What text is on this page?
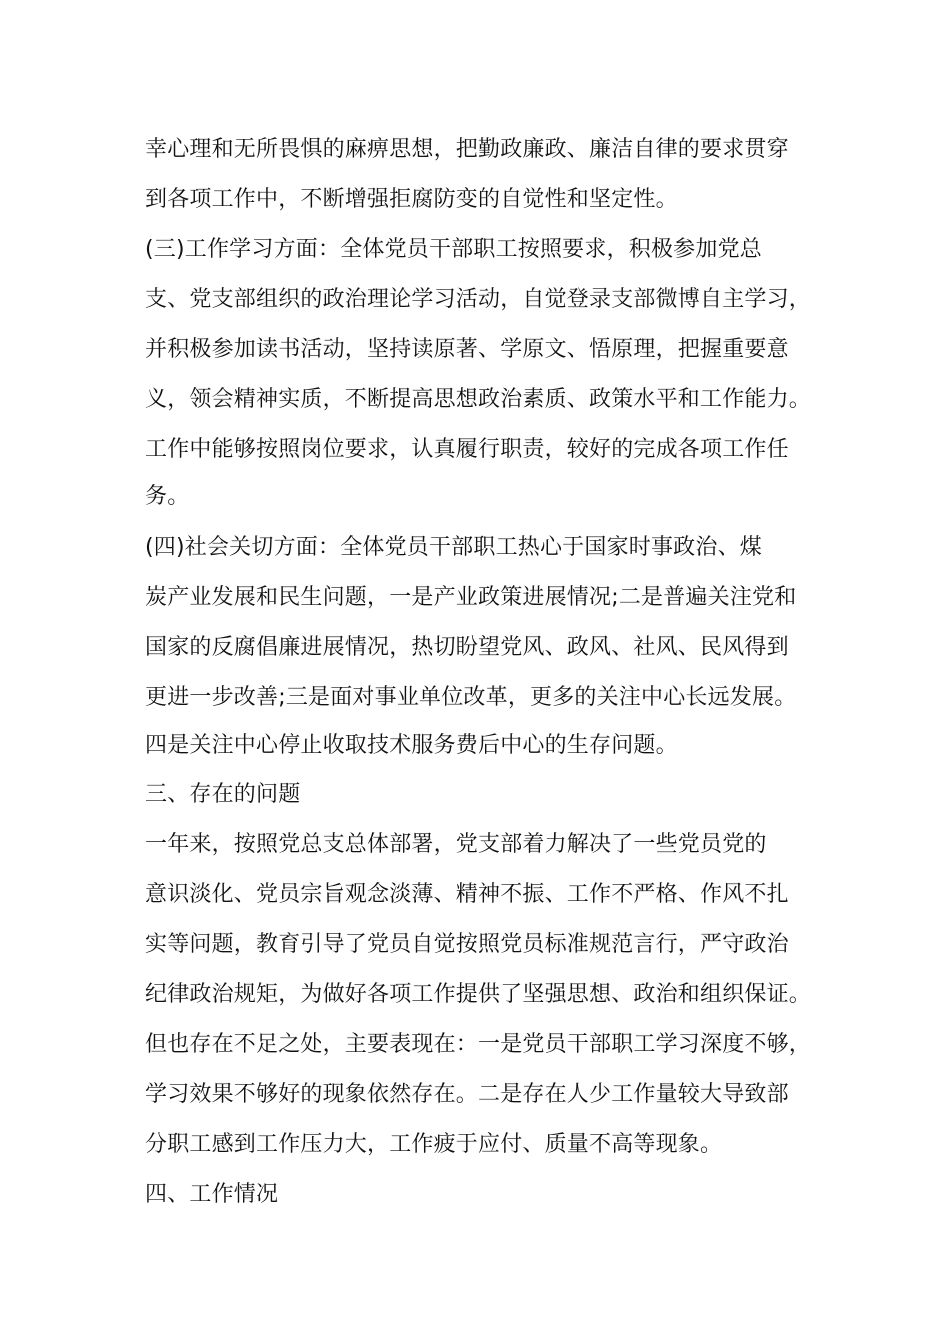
幸心理和无所畏惧的麻痹思想，把勤政廉政、廉洁自律的要求贯穿
到各项工作中，不断增强拒腐防变的自觉性和坚定性。
(三)工作学习方面：全体党员干部职工按照要求，积极参加党总
支、党支部组织的政治理论学习活动，自觉登录支部微博自主学习，
并积极参加读书活动，坚持读原著、学原文、悟原理，把握重要意
义，领会精神实质，不断提高思想政治素质、政策水平和工作能力。
工作中能够按照岗位要求，认真履行职责，较好的完成各项工作任
务。
(四)社会关切方面：全体党员干部职工热心于国家时事政治、煤
炭产业发展和民生问题，一是产业政策进展情况;二是普遍关注党和
国家的反腐倡廉进展情况，热切盼望党风、政风、社风、民风得到
更进一步改善;三是面对事业单位改革，更多的关注中心长远发展。
四是关注中心停止收取技术服务费后中心的生存问题。
三、存在的问题
一年来，按照党总支总体部署，党支部着力解决了一些党员党的
意识淡化、党员宗旨观念淡薄、精神不振、工作不严格、作风不扎
实等问题，教育引导了党员自觉按照党员标准规范言行，严守政治
纪律政治规矩，为做好各项工作提供了坚强思想、政治和组织保证。
但也存在不足之处，主要表现在：一是党员干部职工学习深度不够，
学习效果不够好的现象依然存在。二是存在人少工作量较大导致部
分职工感到工作压力大，工作疲于应付、质量不高等现象。
四、工作情况
